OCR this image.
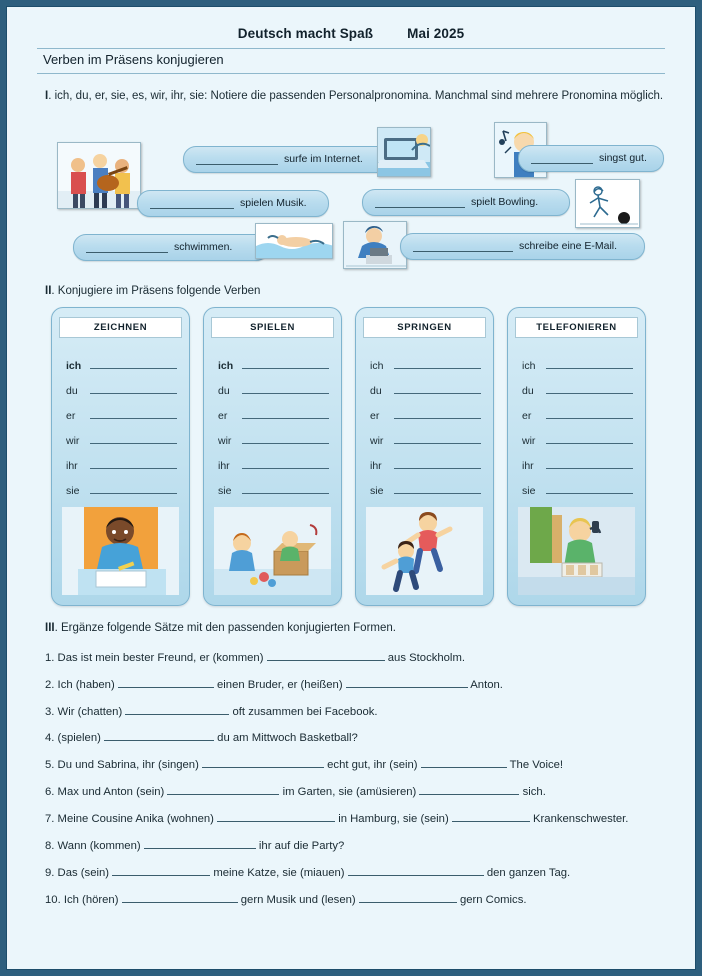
Deutsch macht Spaß	Mai 2025
Verben im Präsens konjugieren
I. ich, du, er, sie, es, wir, ihr, sie: Notiere die passenden Personalpronomina. Manchmal sind mehrere Pronomina möglich.
surfe im Internet.	singst gut.
spielen Musik.	spielt Bowling.
schwimmen.	schreibe eine E-Mail.
II. Konjugiere im Präsens folgende Verben
ZEICHNEN
ich
du
er
wir
ihr
sie
SPIELEN
ich
du
er
wir
ihr
sie
SPRINGEN
ich
du
er
wir
ihr
sie
TELEFONIEREN
ich
du
er
wir
ihr
sie
III. Ergänze folgende Sätze mit den passenden konjugierten Formen.
1. Das ist mein bester Freund, er (kommen)	aus Stockholm.
2. Ich (haben)	einen Bruder, er (heißen)	Anton.
3. Wir (chatten)	oft zusammen bei Facebook.
4. (spielen)	du am Mittwoch Basketball?
5. Du und Sabrina, ihr (singen)	echt gut, ihr (sein)	The Voice!
6. Max und Anton (sein)	im Garten, sie (amüsieren)	sich.
7. Meine Cousine Anika (wohnen)	in Hamburg, sie (sein)	Krankenschwester.
8. Wann (kommen)	ihr auf die Party?
9. Das (sein)	meine Katze, sie (miauen)	den ganzen Tag.
10. Ich (hören)	gern Musik und (lesen)	gern Comics.
